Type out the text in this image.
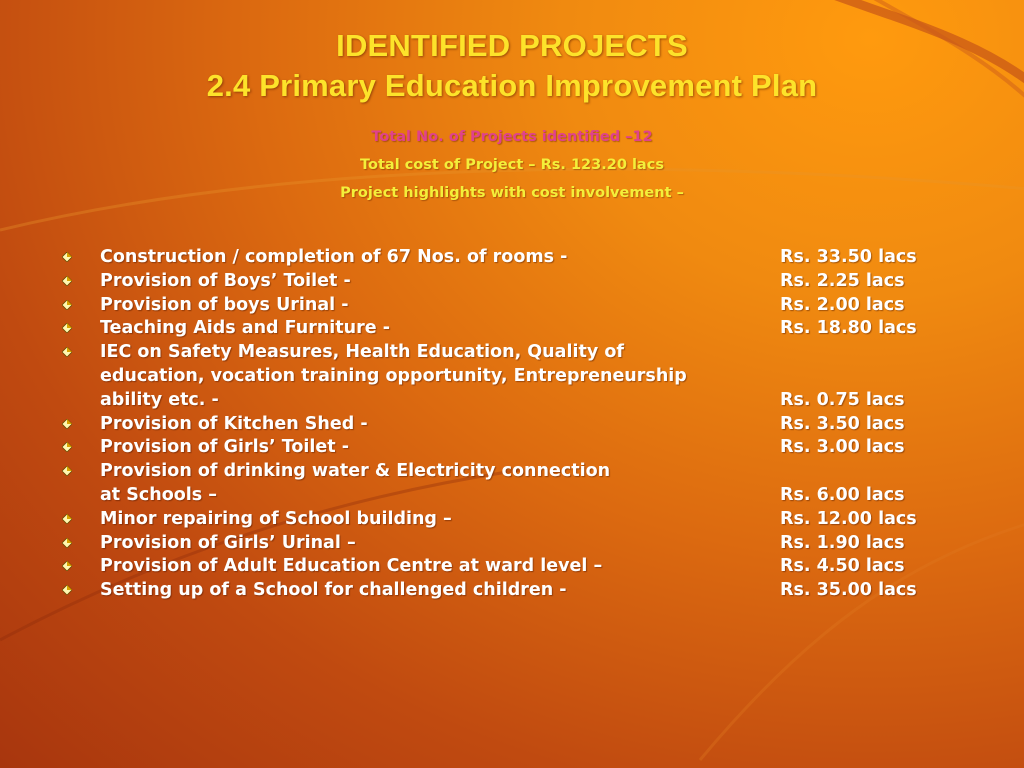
IDENTIFIED PROJECTS
2.4 Primary Education Improvement Plan
Total No. of Projects identified –12
Total cost of Project – Rs. 123.20 lacs
Project highlights with cost involvement –
Construction / completion of 67 Nos. of rooms -	Rs. 33.50 lacs
Provision of Boys’ Toilet -	Rs. 2.25 lacs
Provision of boys Urinal -	Rs. 2.00 lacs
Teaching Aids and Furniture -	Rs. 18.80 lacs
IEC on Safety Measures, Health Education, Quality of
education, vocation training opportunity, Entrepreneurship
ability etc. -	Rs. 0.75 lacs
Provision of Kitchen Shed -	Rs. 3.50 lacs
Provision of Girls’ Toilet -	Rs. 3.00 lacs
Provision of drinking water & Electricity connection
at Schools –	Rs. 6.00 lacs
Minor repairing of School building –	Rs. 12.00 lacs
Provision of Girls’ Urinal –	Rs. 1.90 lacs
Provision of Adult Education Centre at ward level –	Rs. 4.50 lacs
Setting up of a School for challenged children -	Rs. 35.00 lacs
